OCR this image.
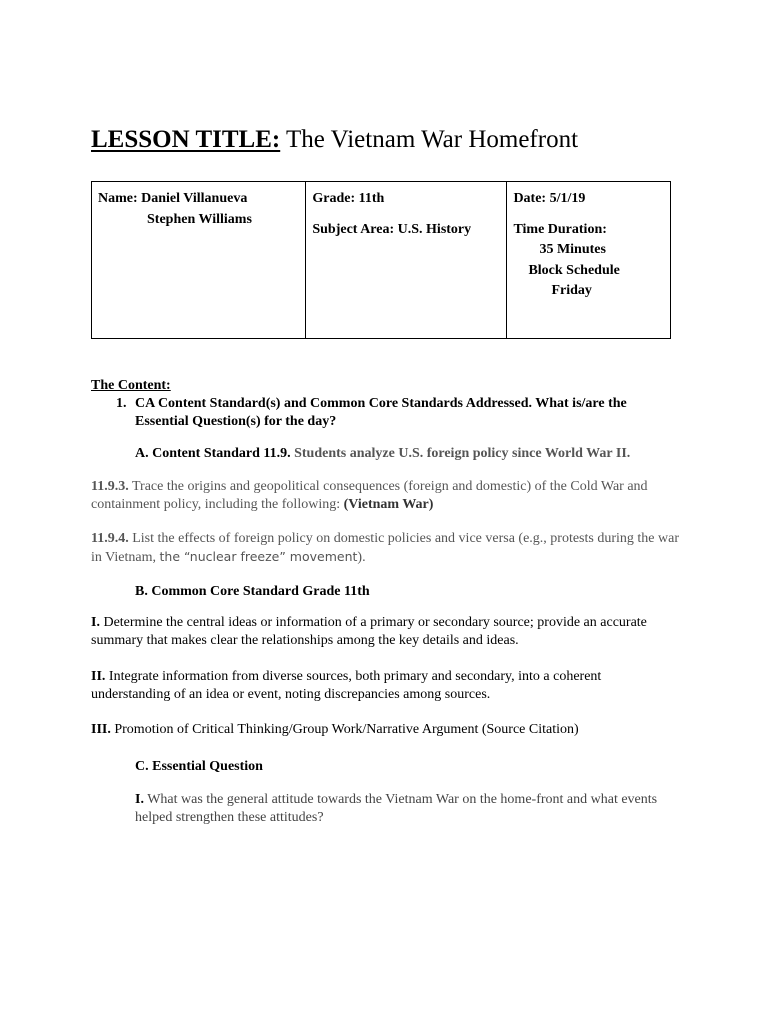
LESSON TITLE: The Vietnam War Homefront
Name: Daniel Villanueva
Stephen Williams

Grade: 11th
Subject Area: U.S. History

Date: 5/1/19
Time Duration:
35 Minutes
Block Schedule
Friday
The Content:
1. CA Content Standard(s) and Common Core Standards Addressed. What is/are the Essential Question(s) for the day?
A. Content Standard 11.9. Students analyze U.S. foreign policy since World War II.
11.9.3. Trace the origins and geopolitical consequences (foreign and domestic) of the Cold War and containment policy, including the following: (Vietnam War)
11.9.4. List the effects of foreign policy on domestic policies and vice versa (e.g., protests during the war in Vietnam, the “nuclear freeze” movement).
B. Common Core Standard Grade 11th
I. Determine the central ideas or information of a primary or secondary source; provide an accurate summary that makes clear the relationships among the key details and ideas.
II. Integrate information from diverse sources, both primary and secondary, into a coherent understanding of an idea or event, noting discrepancies among sources.
III. Promotion of Critical Thinking/Group Work/Narrative Argument (Source Citation)
C. Essential Question
I. What was the general attitude towards the Vietnam War on the home-front and what events helped strengthen these attitudes?
